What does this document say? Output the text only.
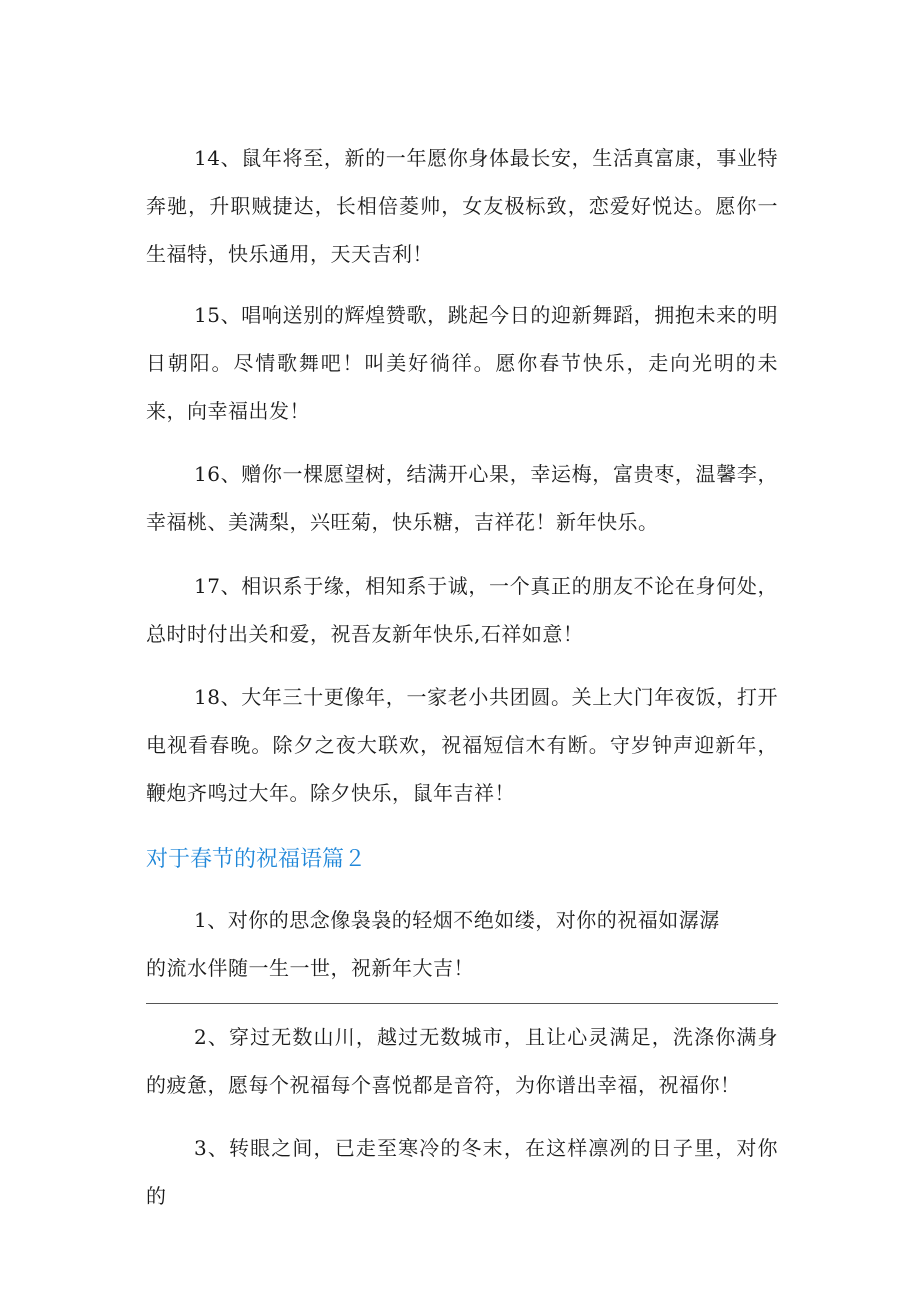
14、鼠年将至，新的一年愿你身体最长安，生活真富康，事业特奔驰，升职贼捷达，长相倍菱帅，女友极标致，恋爱好悦达。愿你一生福特，快乐通用，天天吉利！

15、唱响送别的辉煌赞歌，跳起今日的迎新舞蹈，拥抱未来的明日朝阳。尽情歌舞吧！叫美好徜徉。愿你春节快乐，走向光明的未来，向幸福出发！

16、赠你一棵愿望树，结满开心果，幸运梅，富贵枣，温馨李，幸福桃、美满梨，兴旺菊，快乐糖，吉祥花！新年快乐。

17、相识系于缘，相知系于诚，一个真正的朋友不论在身何处，总时时付出关和爱，祝吾友新年快乐,石祥如意！

18、大年三十更像年，一家老小共团圆。关上大门年夜饭，打开电视看春晚。除夕之夜大联欢，祝福短信木有断。守岁钟声迎新年，鞭炮齐鸣过大年。除夕快乐，鼠年吉祥！

对于春节的祝福语篇２
1、对你的思念像袅袅的轻烟不绝如缕，对你的祝福如潺潺
的流水伴随一生一世，祝新年大吉！

2、穿过无数山川，越过无数城市，且让心灵满足，洗涤你满身的疲惫，愿每个祝福每个喜悦都是音符，为你谱出幸福，祝福你！

3、转眼之间，已走至寒冷的冬末，在这样凛冽的日子里，对你的
